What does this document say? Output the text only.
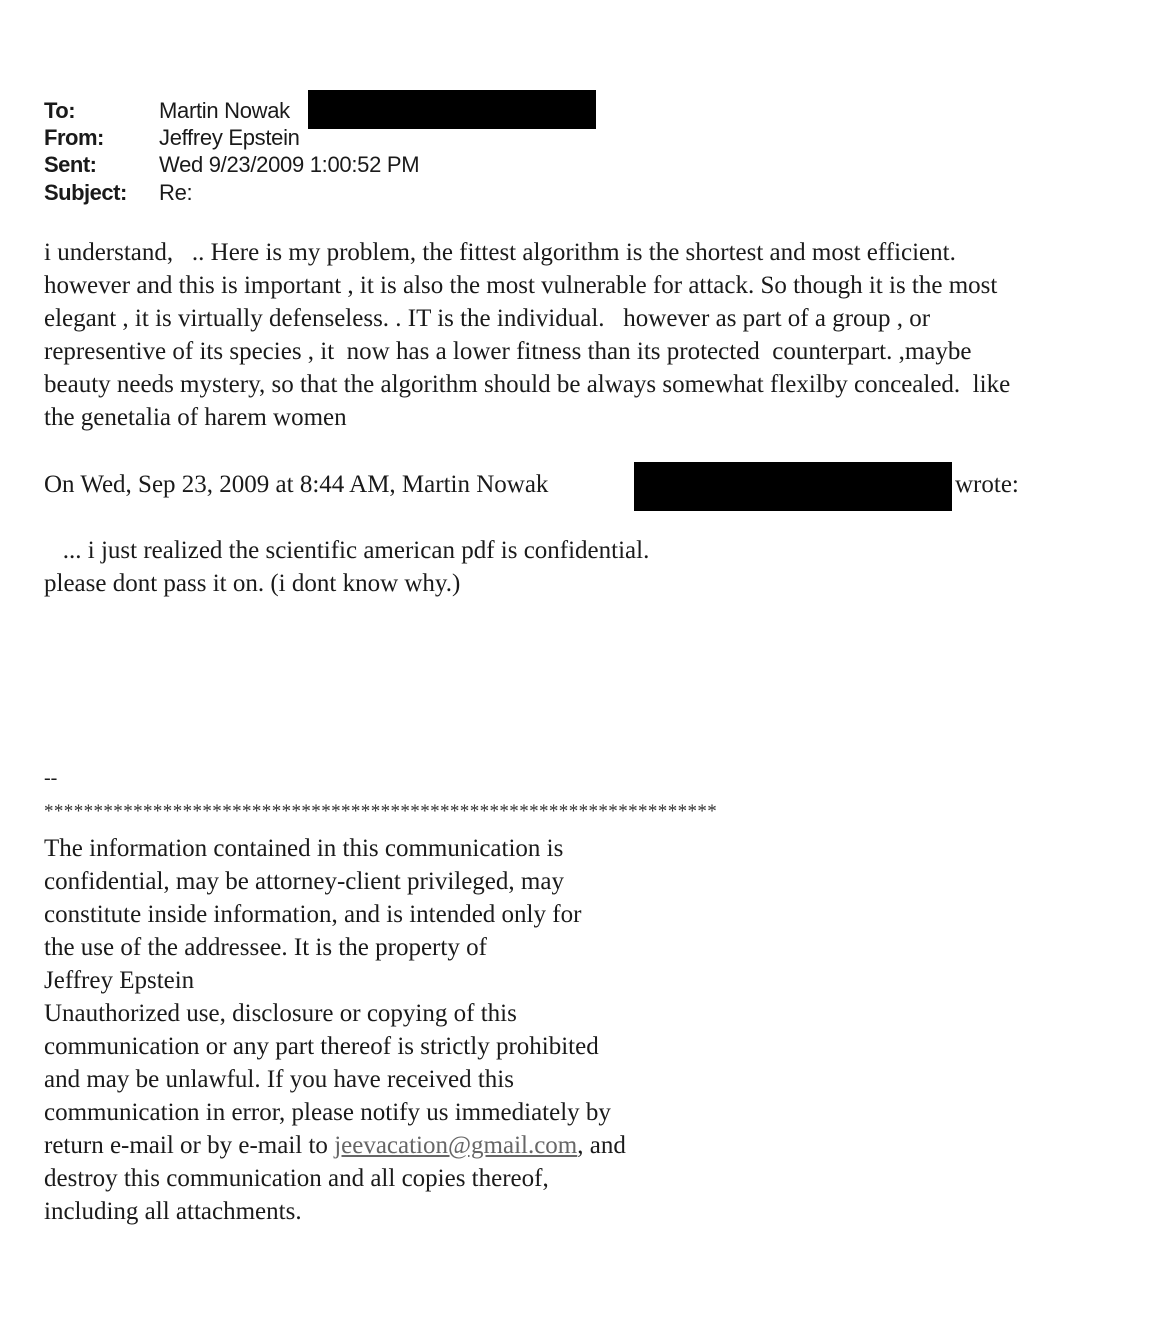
To:	Martin Nowak
From:	Jeffrey Epstein
Sent:	Wed 9/23/2009 1:00:52 PM
Subject: Re:
i understand,   .. Here is my problem, the fittest algorithm is the shortest and most efficient.
however and this is important , it is also the most vulnerable for attack. So though it is the most
elegant , it is virtually defenseless. . IT is the individual.   however as part of a group , or
representive of its species , it  now has a lower fitness than its protected  counterpart. ,maybe
beauty needs mystery, so that the algorithm should be always somewhat flexilby concealed.  like
the genetalia of harem women
On Wed, Sep 23, 2009 at 8:44 AM, Martin Nowak	wrote:
... i just realized the scientific american pdf is confidential.
please dont pass it on. (i dont know why.)
--
********************************************************************
The information contained in this communication is
confidential, may be attorney-client privileged, may
constitute inside information, and is intended only for
the use of the addressee. It is the property of
Jeffrey Epstein
Unauthorized use, disclosure or copying of this
communication or any part thereof is strictly prohibited
and may be unlawful. If you have received this
communication in error, please notify us immediately by
return e-mail or by e-mail to jeevacation@gmail.com, and
destroy this communication and all copies thereof,
including all attachments.
